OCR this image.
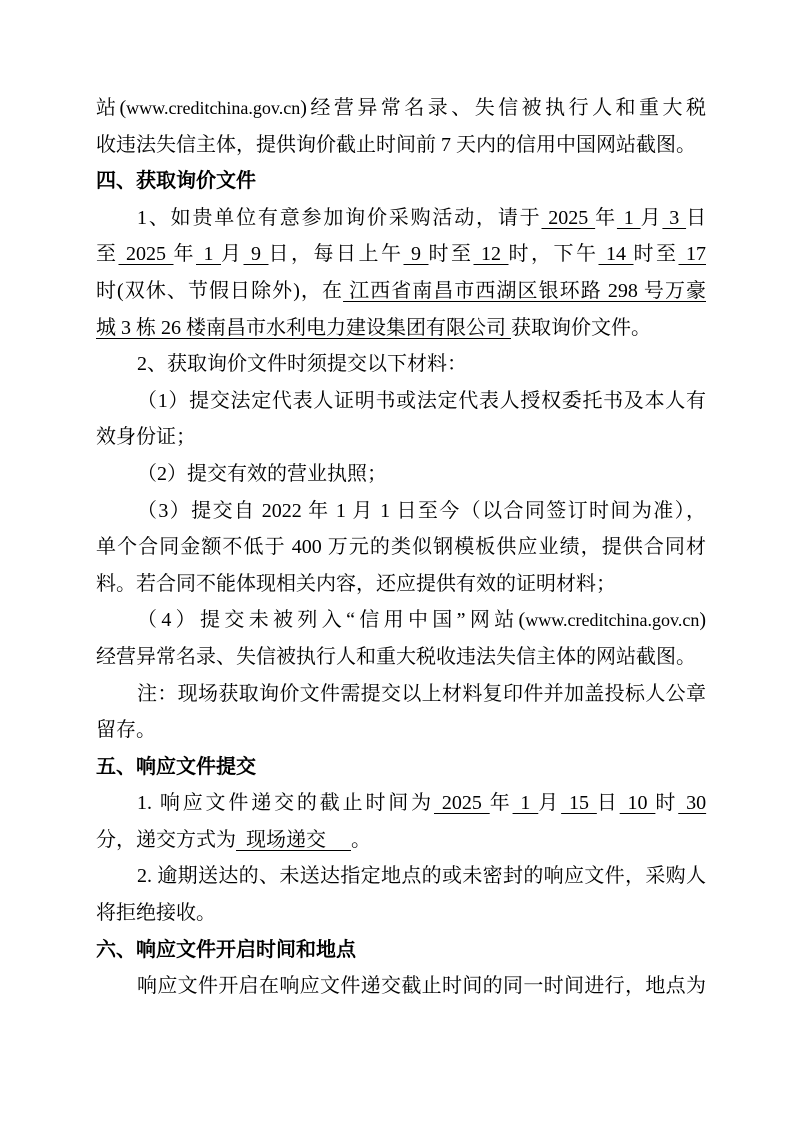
站(www.creditchina.gov.cn)经营异常名录、失信被执行人和重大税
收违法失信主体，提供询价截止时间前 7 天内的信用中国网站截图。
四、获取询价文件
1、如贵单位有意参加询价采购活动，请于 2025 年 1 月 3 日
至 2025 年 1 月 9 日，每日上午 9 时至 12 时，下午 14 时至 17
时(双休、节假日除外)，在 江西省南昌市西湖区银环路 298 号万豪
城 3 栋 26 楼南昌市水利电力建设集团有限公司 获取询价文件。
2、获取询价文件时须提交以下材料：
（1）提交法定代表人证明书或法定代表人授权委托书及本人有
效身份证；
（2）提交有效的营业执照；
（3）提交自 2022 年 1 月 1 日至今（以合同签订时间为准），
单个合同金额不低于 400 万元的类似钢模板供应业绩，提供合同材
料。若合同不能体现相关内容，还应提供有效的证明材料；
（4）提交未被列入“信用中国”网站(www.creditchina.gov.cn)
经营异常名录、失信被执行人和重大税收违法失信主体的网站截图。
注：现场获取询价文件需提交以上材料复印件并加盖投标人公章
留存。
五、响应文件提交
1. 响应文件递交的截止时间为 2025 年 1 月 15 日 10 时 30
分，递交方式为  现场递交     。
2. 逾期送达的、未送达指定地点的或未密封的响应文件，采购人
将拒绝接收。
六、响应文件开启时间和地点
响应文件开启在响应文件递交截止时间的同一时间进行，地点为
